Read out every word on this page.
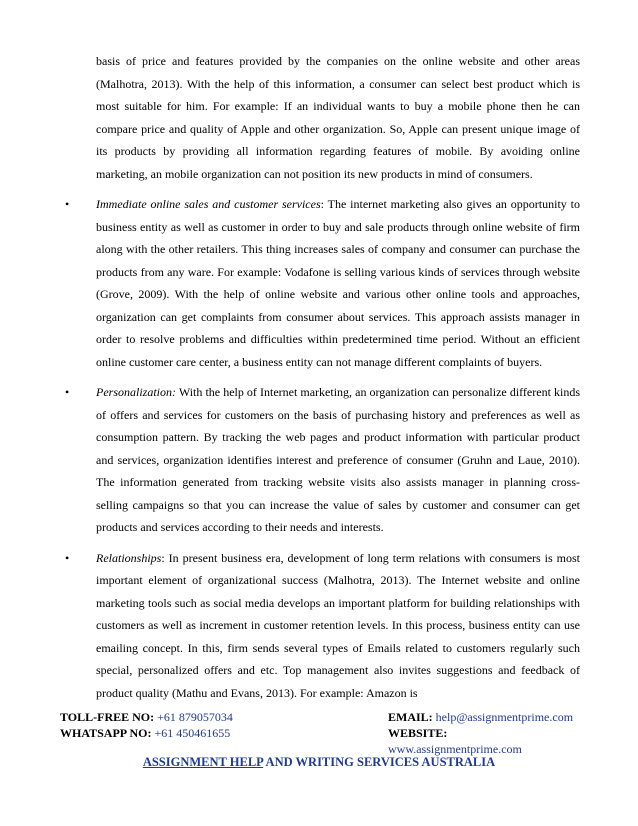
basis of price and features provided by the companies on the online website and other areas (Malhotra, 2013). With the help of this information, a consumer can select best product which is most suitable for him. For example: If an individual wants to buy a mobile phone then he can compare price and quality of Apple and other organization. So, Apple can present unique image of its products by providing all information regarding features of mobile. By avoiding online marketing, an mobile organization can not position its new products in mind of consumers.

• Immediate online sales and customer services: The internet marketing also gives an opportunity to business entity as well as customer in order to buy and sale products through online website of firm along with the other retailers. This thing increases sales of company and consumer can purchase the products from any ware. For example: Vodafone is selling various kinds of services through website (Grove, 2009). With the help of online website and various other online tools and approaches, organization can get complaints from consumer about services. This approach assists manager in order to resolve problems and difficulties within predetermined time period. Without an efficient online customer care center, a business entity can not manage different complaints of buyers.
• Personalization: With the help of Internet marketing, an organization can personalize different kinds of offers and services for customers on the basis of purchasing history and preferences as well as consumption pattern. By tracking the web pages and product information with particular product and services, organization identifies interest and preference of consumer (Gruhn and Laue, 2010). The information generated from tracking website visits also assists manager in planning cross-selling campaigns so that you can increase the value of sales by customer and consumer can get products and services according to their needs and interests.
• Relationships: In present business era, development of long term relations with consumers is most important element of organizational success (Malhotra, 2013). The Internet website and online marketing tools such as social media develops an important platform for building relationships with customers as well as increment in customer retention levels. In this process, business entity can use emailing concept. In this, firm sends several types of Emails related to customers regularly such special, personalized offers and etc. Top management also invites suggestions and feedback of product quality (Mathu and Evans, 2013). For example: Amazon is
TOLL-FREE NO: +61 879057034	EMAIL: help@assignmentprime.com
WHATSAPP NO: +61 450461655	WEBSITE: www.assignmentprime.com
ASSIGNMENT HELP AND WRITING SERVICES AUSTRALIA
